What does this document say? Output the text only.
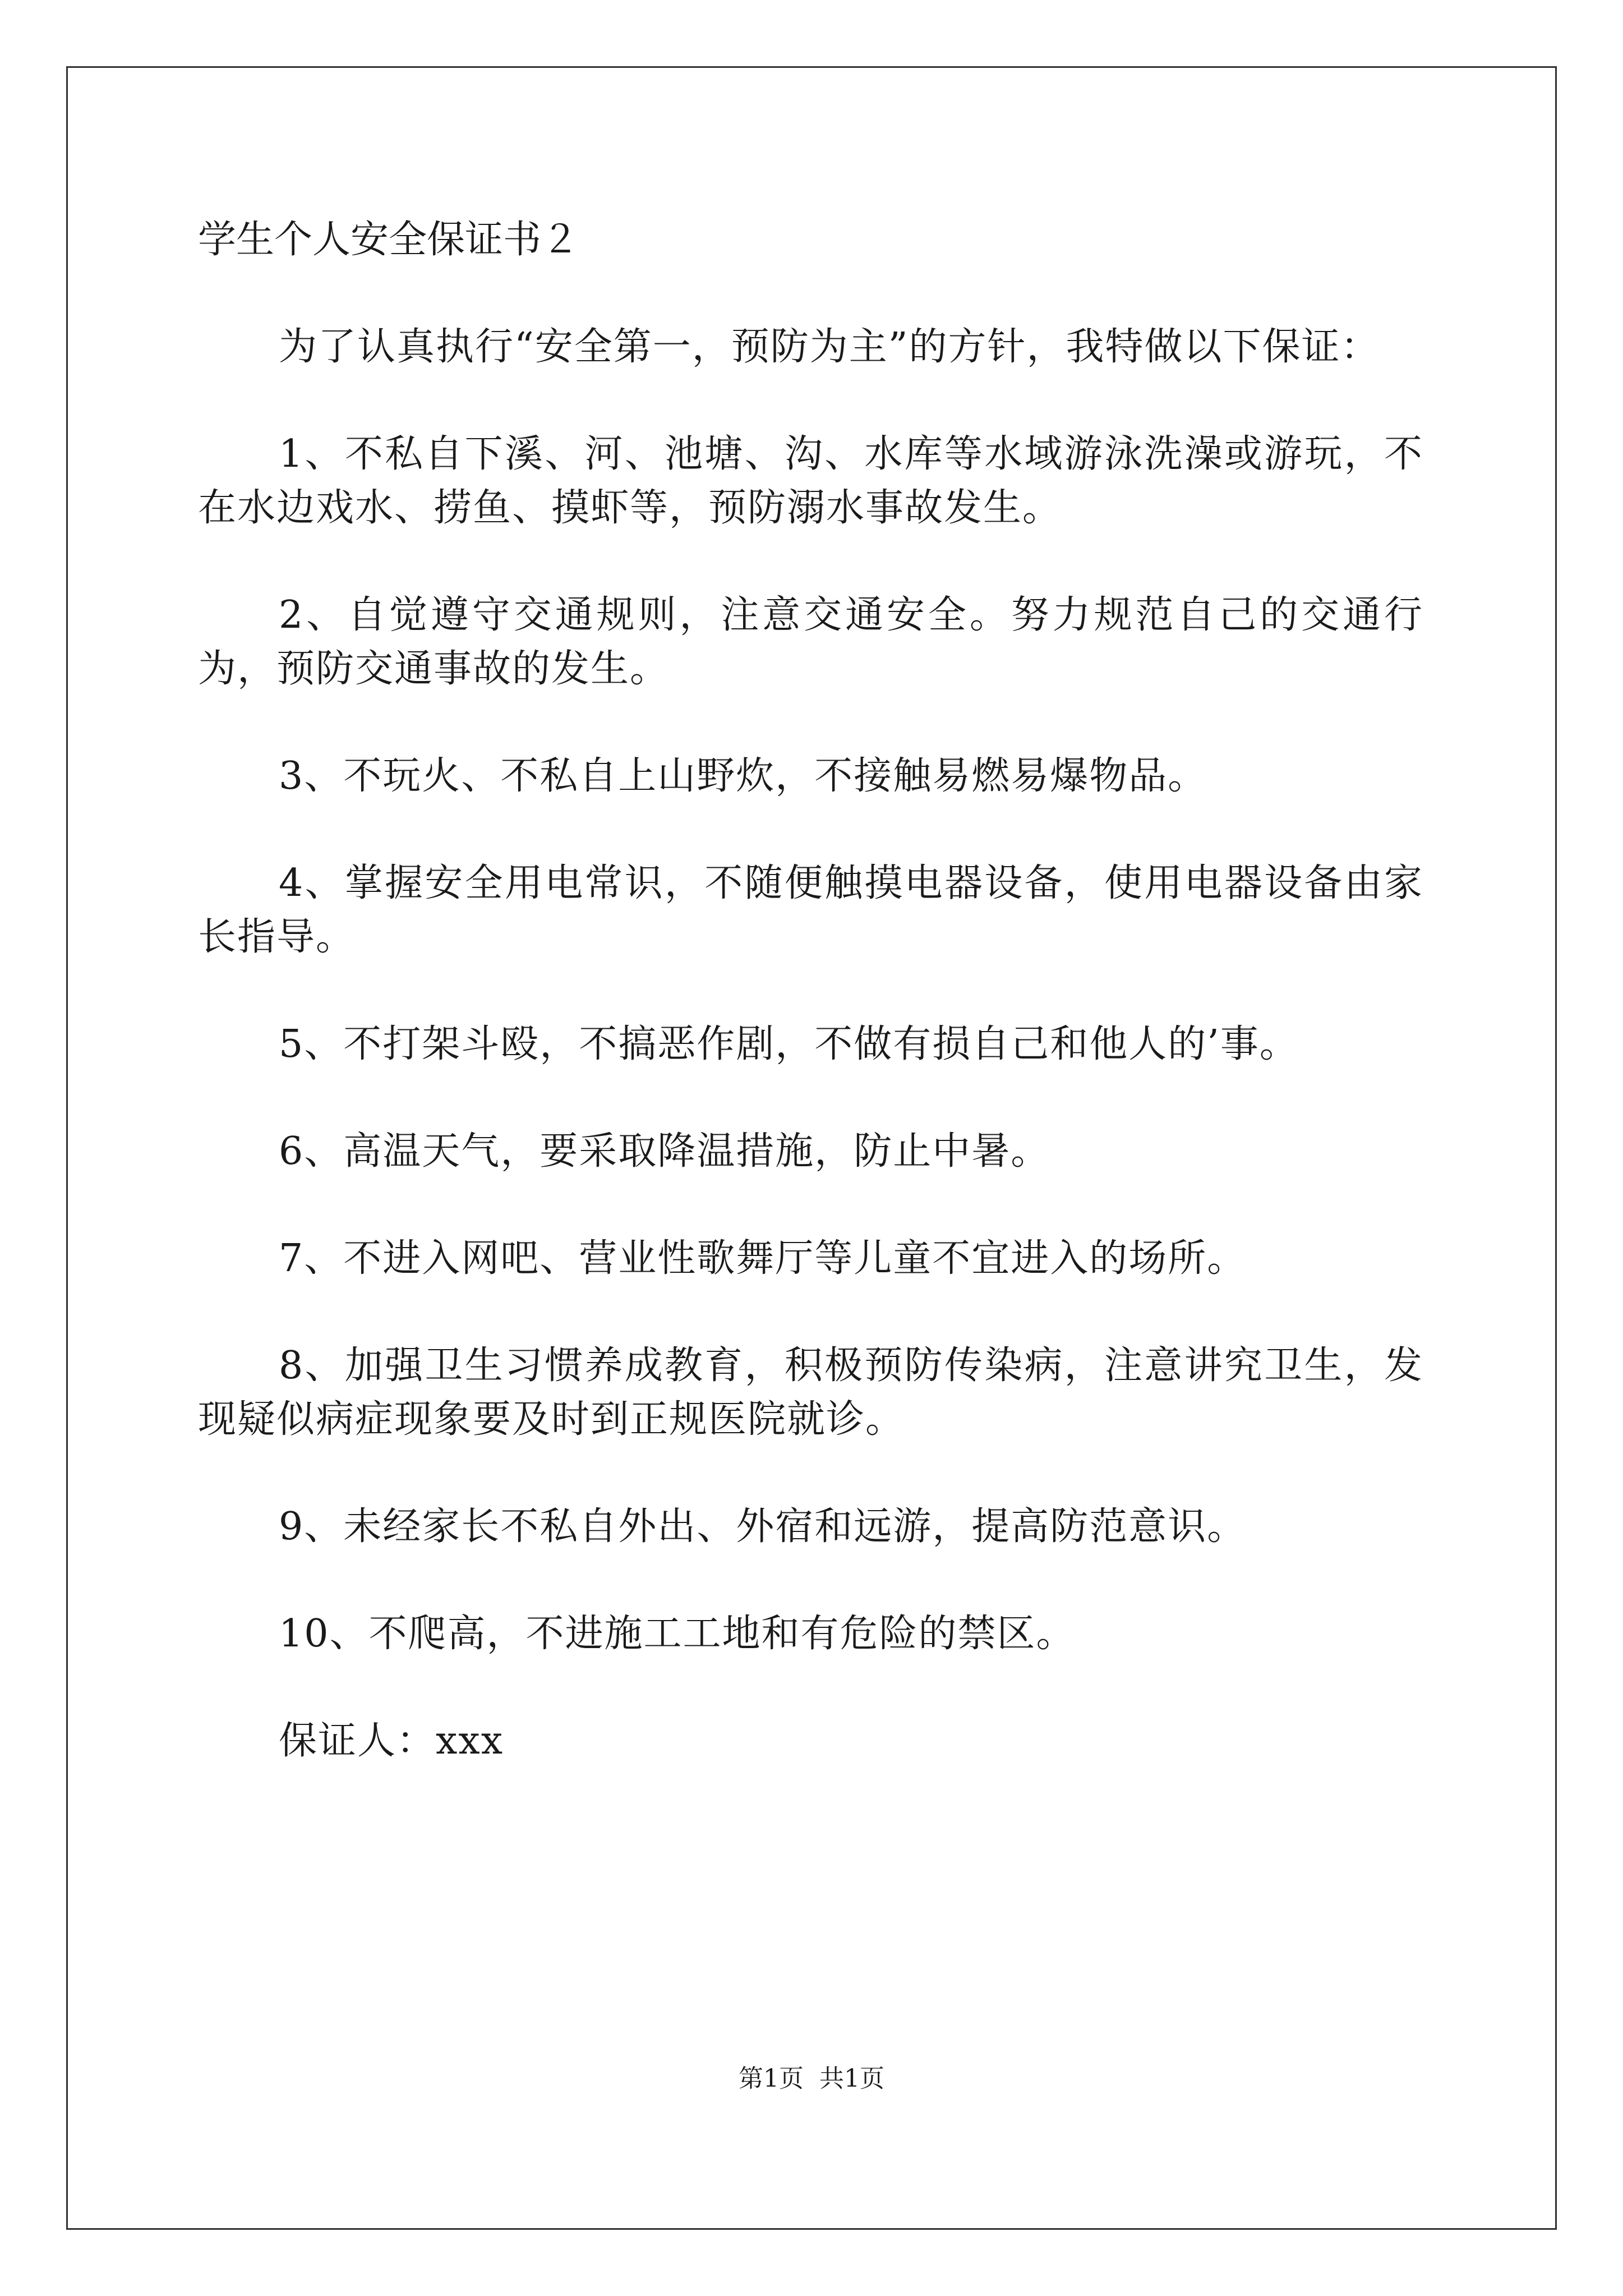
学生个人安全保证书２

为了认真执行“安全第一，预防为主”的方针，我特做以下保证：

1、不私自下溪、河、池塘、沟、水库等水域游泳洗澡或游玩，不在水边戏水、捞鱼、摸虾等，预防溺水事故发生。

2、自觉遵守交通规则，注意交通安全。努力规范自己的交通行为，预防交通事故的发生。

3、不玩火、不私自上山野炊，不接触易燃易爆物品。

4、掌握安全用电常识，不随便触摸电器设备，使用电器设备由家长指导。

5、不打架斗殴，不搞恶作剧，不做有损自己和他人的’事。

6、高温天气，要采取降温措施，防止中暑。

7、不进入网吧、营业性歌舞厅等儿童不宜进入的场所。

8、加强卫生习惯养成教育，积极预防传染病，注意讲究卫生，发现疑似病症现象要及时到正规医院就诊。

9、未经家长不私自外出、外宿和远游，提高防范意识。

10、不爬高，不进施工工地和有危险的禁区。

保证人：xxx

第1页  共1页
